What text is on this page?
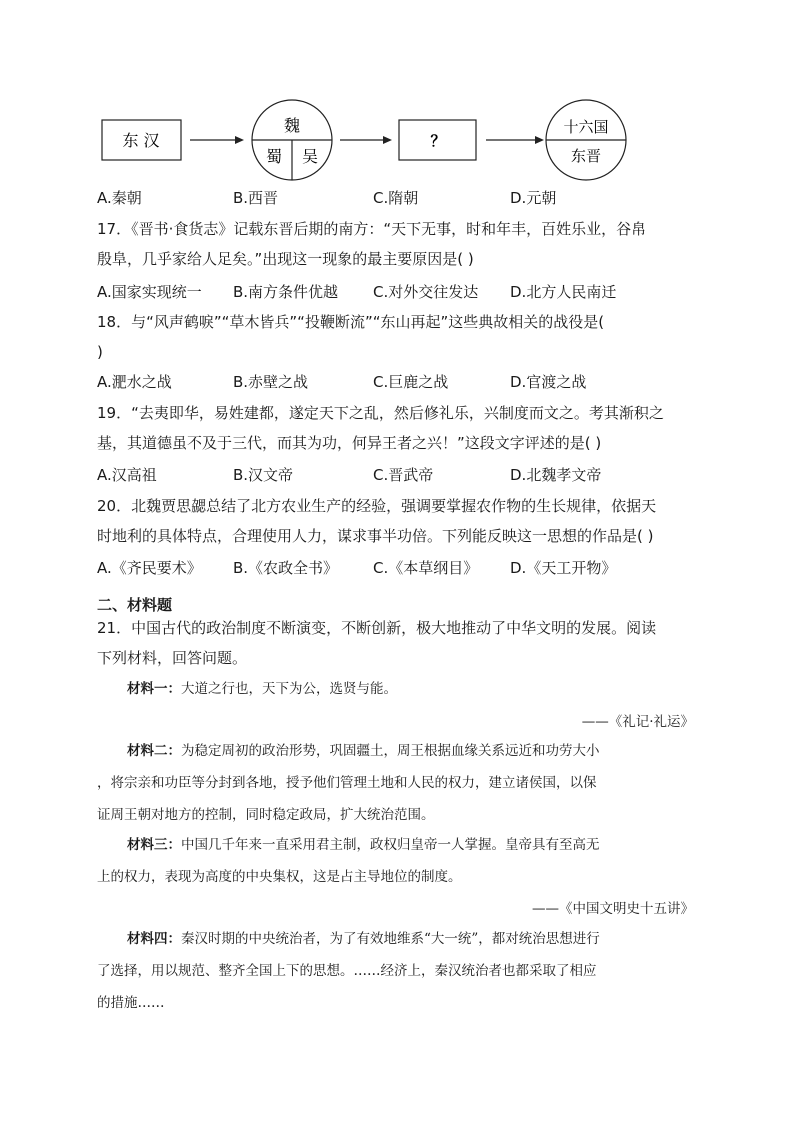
东 汉
魏
蜀 吴
？
十六国
东晋
A.秦朝	B.西晋	C.隋朝	D.元朝
17．《晋书·食货志》记载东晋后期的南方：“天下无事，时和年丰，百姓乐业，谷帛
殷阜，几乎家给人足矣。”出现这一现象的最主要原因是( )
A.国家实现统一 B.南方条件优越 C.对外交往发达 D.北方人民南迁
18．与“风声鹤唳”“草木皆兵”“投鞭断流”“东山再起”这些典故相关的战役是(
)
A.淝水之战	B.赤壁之战	C.巨鹿之战	D.官渡之战
19．“去夷即华，易姓建都，遂定天下之乱，然后修礼乐，兴制度而文之。考其渐积之
基，其道德虽不及于三代，而其为功，何异王者之兴！”这段文字评述的是( )
A.汉高祖	B.汉文帝	C.晋武帝	D.北魏孝文帝
20．北魏贾思勰总结了北方农业生产的经验，强调要掌握农作物的生长规律，依据天
时地利的具体特点，合理使用人力，谋求事半功倍。下列能反映这一思想的作品是( )
A.《齐民要术》 B.《农政全书》 C.《本草纲目》 D.《天工开物》
二、材料题
21．中国古代的政治制度不断演变，不断创新，极大地推动了中华文明的发展。阅读
下列材料，回答问题。
材料一：大道之行也，天下为公，选贤与能。
——《礼记·礼运》
材料二：为稳定周初的政治形势，巩固疆土，周王根据血缘关系远近和功劳大小
，将宗亲和功臣等分封到各地，授予他们管理土地和人民的权力，建立诸侯国，以保
证周王朝对地方的控制，同时稳定政局，扩大统治范围。
材料三：中国几千年来一直采用君主制，政权归皇帝一人掌握。皇帝具有至高无
上的权力，表现为高度的中央集权，这是占主导地位的制度。
——《中国文明史十五讲》
材料四：秦汉时期的中央统治者，为了有效地维系“大一统”，都对统治思想进行
了选择，用以规范、整齐全国上下的思想。……经济上，秦汉统治者也都采取了相应
的措施……
